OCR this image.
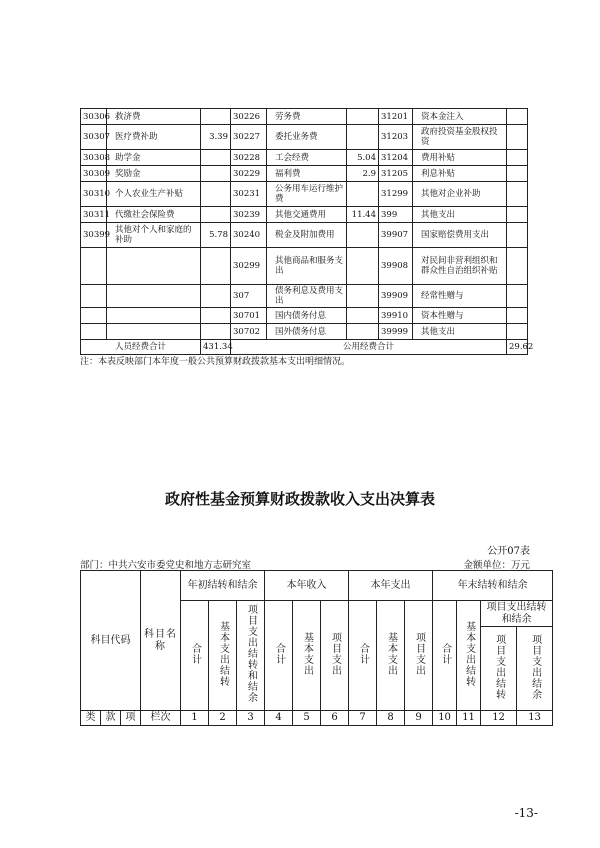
30306	救济费		30226	劳务费		31201	资本金注入	
30307	医疗费补助	3.39	30227	委托业务费		31203	政府投资基金股权投资	
30308	助学金		30228	工会经费	5.04	31204	费用补贴	
30309	奖励金		30229	福利费	2.9	31205	利息补贴	
30310	个人农业生产补贴		30231	公务用车运行维护费		31299	其他对企业补助	
30311	代缴社会保险费		30239	其他交通费用	11.44	399	其他支出	
30399	其他对个人和家庭的补助	5.78	30240	税金及附加费用		39907	国家赔偿费用支出	
			30299	其他商品和服务支出		39908	对民间非营利组织和群众性自治组织补贴	
			307	债务利息及费用支出		39909	经常性赠与	
			30701	国内债务付息		39910	资本性赠与	
			30702	国外债务付息		39999	其他支出	
人员经费合计		431.34	公用经费合计					29.62
注：本表反映部门本年度一般公共预算财政拨款基本支出明细情况。
政府性基金预算财政拨款收入支出决算表
公开07表
部门：中共六安市委党史和地方志研究室	金额单位：万元
科目代码			科目名称	年初结转和结余			本年收入			本年支出			年末结转和结余			
				合计	基本支出结转	项目支出结转和结余	合计	基本支出	项目支出	合计	基本支出	项目支出	合计	基本支出结转	项目支出结转和结余	
															项目支出结转	项目支出结余
类	款	项	栏次	1	2	3	4	5	6	7	8	9	10	11	12	13
-13-
